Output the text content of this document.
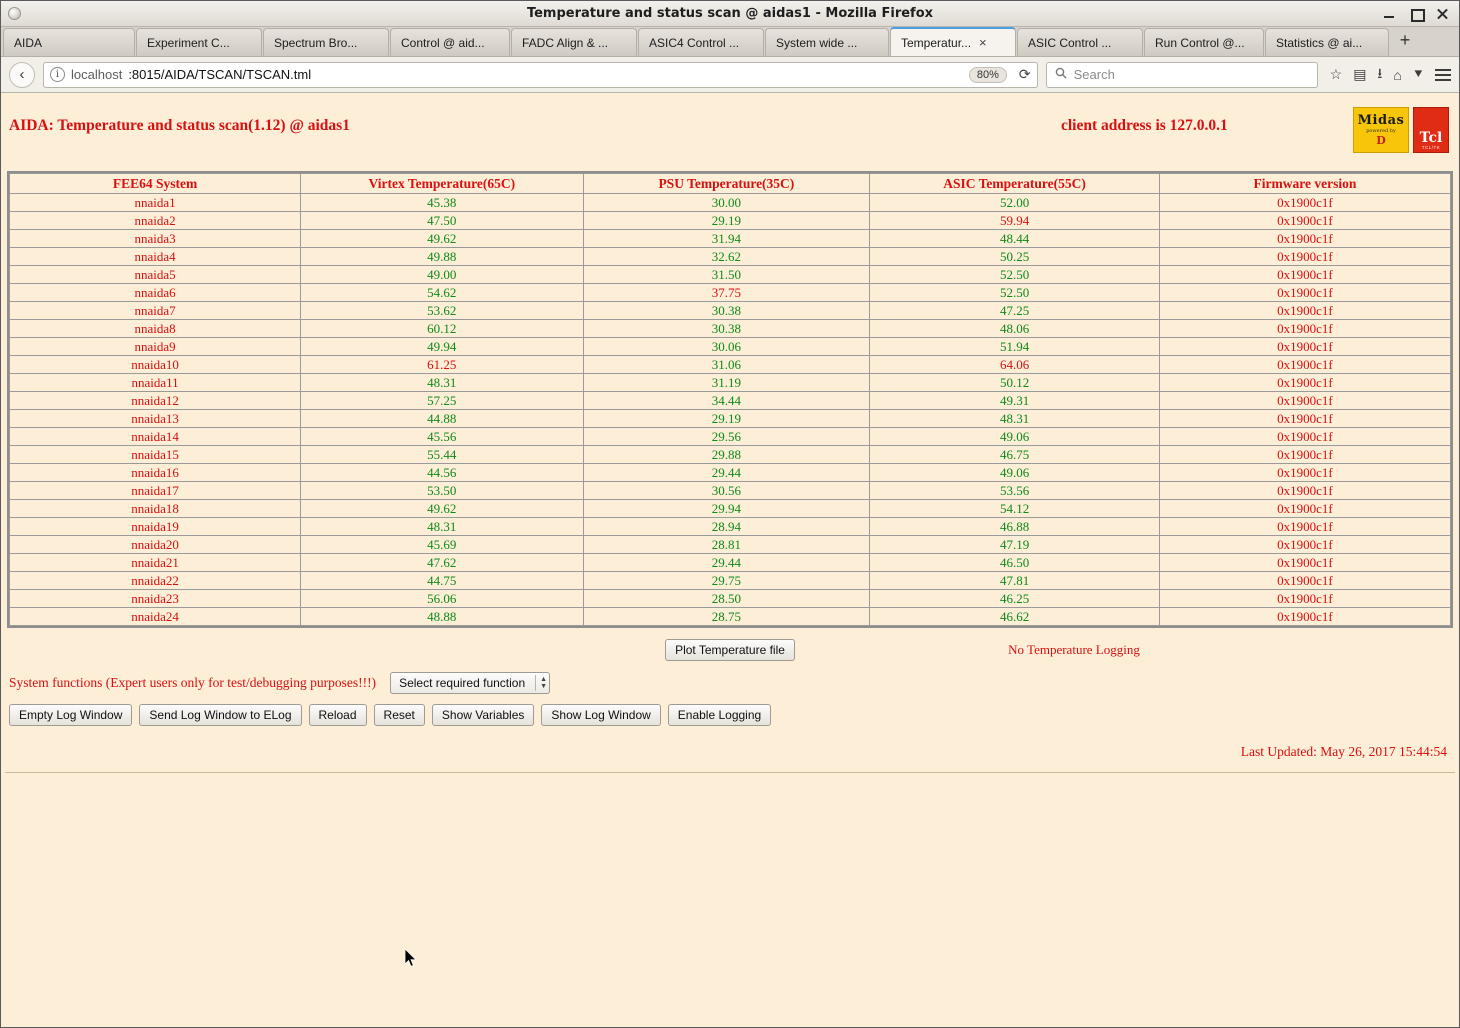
Temperature and status scan @ aidas1 - Mozilla Firefox
AIDA	Experiment C...	Spectrum Bro...	Control @ aid...	FADC Align & ...	ASIC4 Control ...	System wide ...	Temperatur... ×	ASIC Control ...	Run Control @...	Statistics @ ai...	+
‹	i localhost :8015/AIDA/TSCAN/TSCAN.tml	80%	⟳	Search	☆ ▤ ⭳ ⌂ ⯆
AIDA: Temperature and status scan(1.12) @ aidas1	client address is 127.0.0.1	Midas
powered by
D Tcl
TCL/TK
FEE64 System	Virtex Temperature(65C)	PSU Temperature(35C)	ASIC Temperature(55C)	Firmware version
nnaida1	45.38	30.00	52.00	0x1900c1f
nnaida2	47.50	29.19	59.94	0x1900c1f
nnaida3	49.62	31.94	48.44	0x1900c1f
nnaida4	49.88	32.62	50.25	0x1900c1f
nnaida5	49.00	31.50	52.50	0x1900c1f
nnaida6	54.62	37.75	52.50	0x1900c1f
nnaida7	53.62	30.38	47.25	0x1900c1f
nnaida8	60.12	30.38	48.06	0x1900c1f
nnaida9	49.94	30.06	51.94	0x1900c1f
nnaida10	61.25	31.06	64.06	0x1900c1f
nnaida11	48.31	31.19	50.12	0x1900c1f
nnaida12	57.25	34.44	49.31	0x1900c1f
nnaida13	44.88	29.19	48.31	0x1900c1f
nnaida14	45.56	29.56	49.06	0x1900c1f
nnaida15	55.44	29.88	46.75	0x1900c1f
nnaida16	44.56	29.44	49.06	0x1900c1f
nnaida17	53.50	30.56	53.56	0x1900c1f
nnaida18	49.62	29.94	54.12	0x1900c1f
nnaida19	48.31	28.94	46.88	0x1900c1f
nnaida20	45.69	28.81	47.19	0x1900c1f
nnaida21	47.62	29.44	46.50	0x1900c1f
nnaida22	44.75	29.75	47.81	0x1900c1f
nnaida23	56.06	28.50	46.25	0x1900c1f
nnaida24	48.88	28.75	46.62	0x1900c1f
Plot Temperature file	No Temperature Logging
System functions (Expert users only for test/debugging purposes!!!) Select required function	▲
▼
Empty Log Window	Send Log Window to ELog	Reload	Reset	Show Variables	Show Log Window	Enable Logging
Last Updated: May 26, 2017 15:44:54
